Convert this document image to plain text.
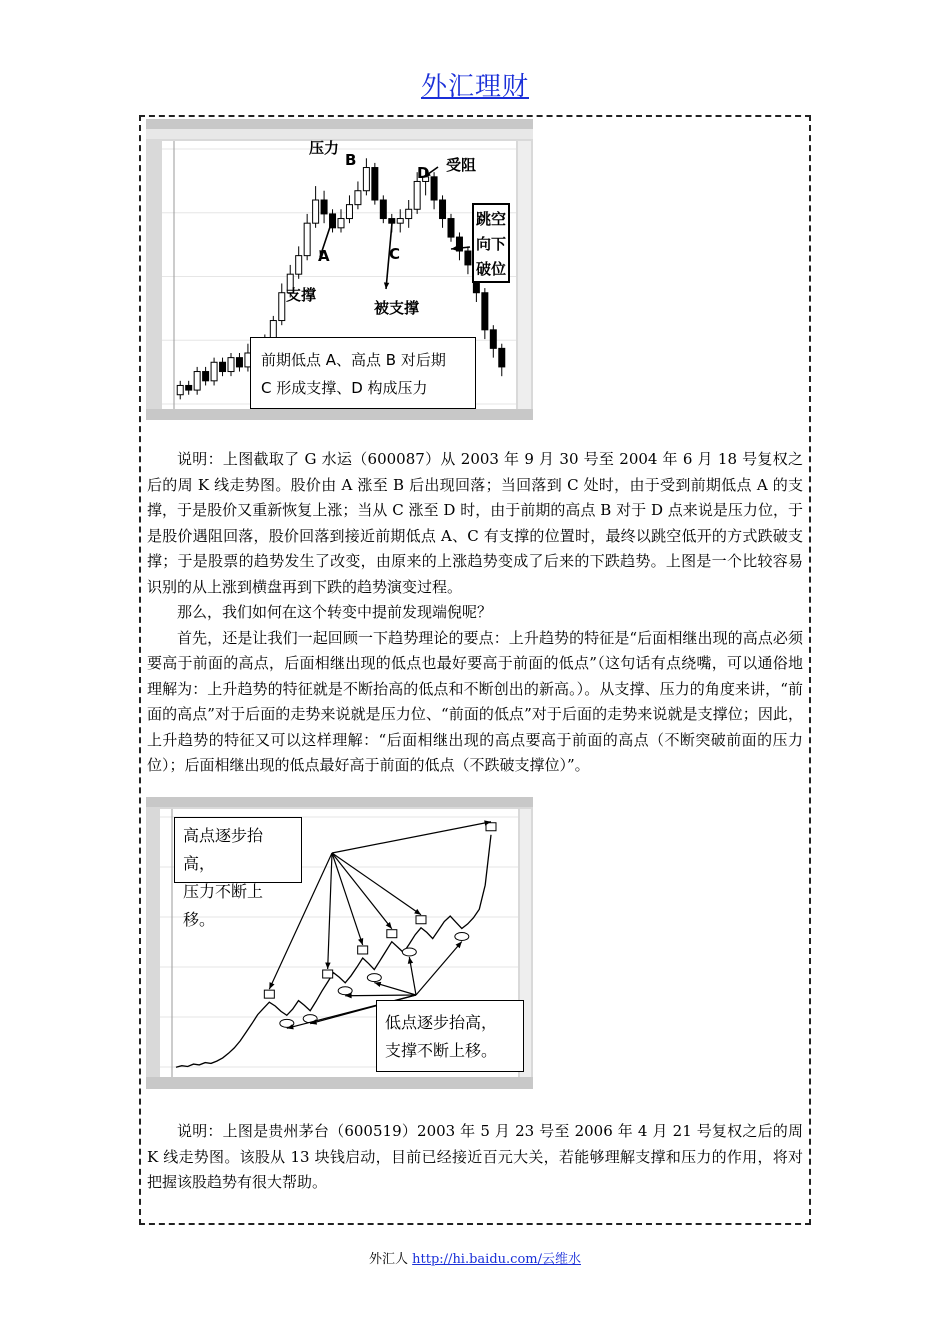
外汇理财
压力
B
D 受阻
A	C
支撑
被支撑
跳空
向下
破位
前期低点 A、高点 B 对后期
C 形成支撑、D 构成压力

说明：上图截取了 G 水运（600087）从 2003 年 9 月 30 号至 2004 年 6 月 18 号复权之后的周 K 线走势图。股价由 A 涨至 B 后出现回落；当回落到 C 处时，由于受到前期低点 A 的支撑，于是股价又重新恢复上涨；当从 C 涨至 D 时，由于前期的高点 B 对于 D 点来说是压力位，于是股价遇阻回落，股价回落到接近前期低点 A、C 有支撑的位置时，最终以跳空低开的方式跌破支撑；于是股票的趋势发生了改变，由原来的上涨趋势变成了后来的下跌趋势。上图是一个比较容易识别的从上涨到横盘再到下跌的趋势演变过程。

那么，我们如何在这个转变中提前发现端倪呢？

首先，还是让我们一起回顾一下趋势理论的要点：上升趋势的特征是“后面相继出现的高点必须要高于前面的高点，后面相继出现的低点也最好要高于前面的低点”（这句话有点绕嘴，可以通俗地理解为：上升趋势的特征就是不断抬高的低点和不断创出的新高。）。从支撑、压力的角度来讲，“前面的高点”对于后面的走势来说就是压力位、“前面的低点”对于后面的走势来说就是支撑位；因此，上升趋势的特征又可以这样理解：“后面相继出现的高点要高于前面的高点（不断突破前面的压力位）；后面相继出现的低点最好高于前面的低点（不跌破支撑位）”。

高点逐步抬高，
压力不断上移。
低点逐步抬高，
支撑不断上移。

说明：上图是贵州茅台（600519）2003 年 5 月 23 号至 2006 年 4 月 21 号复权之后的周 K 线走势图。该股从 13 块钱启动，目前已经接近百元大关，若能够理解支撑和压力的作用，将对把握该股趋势有很大帮助。

外汇人 http://hi.baidu.com/云维水
